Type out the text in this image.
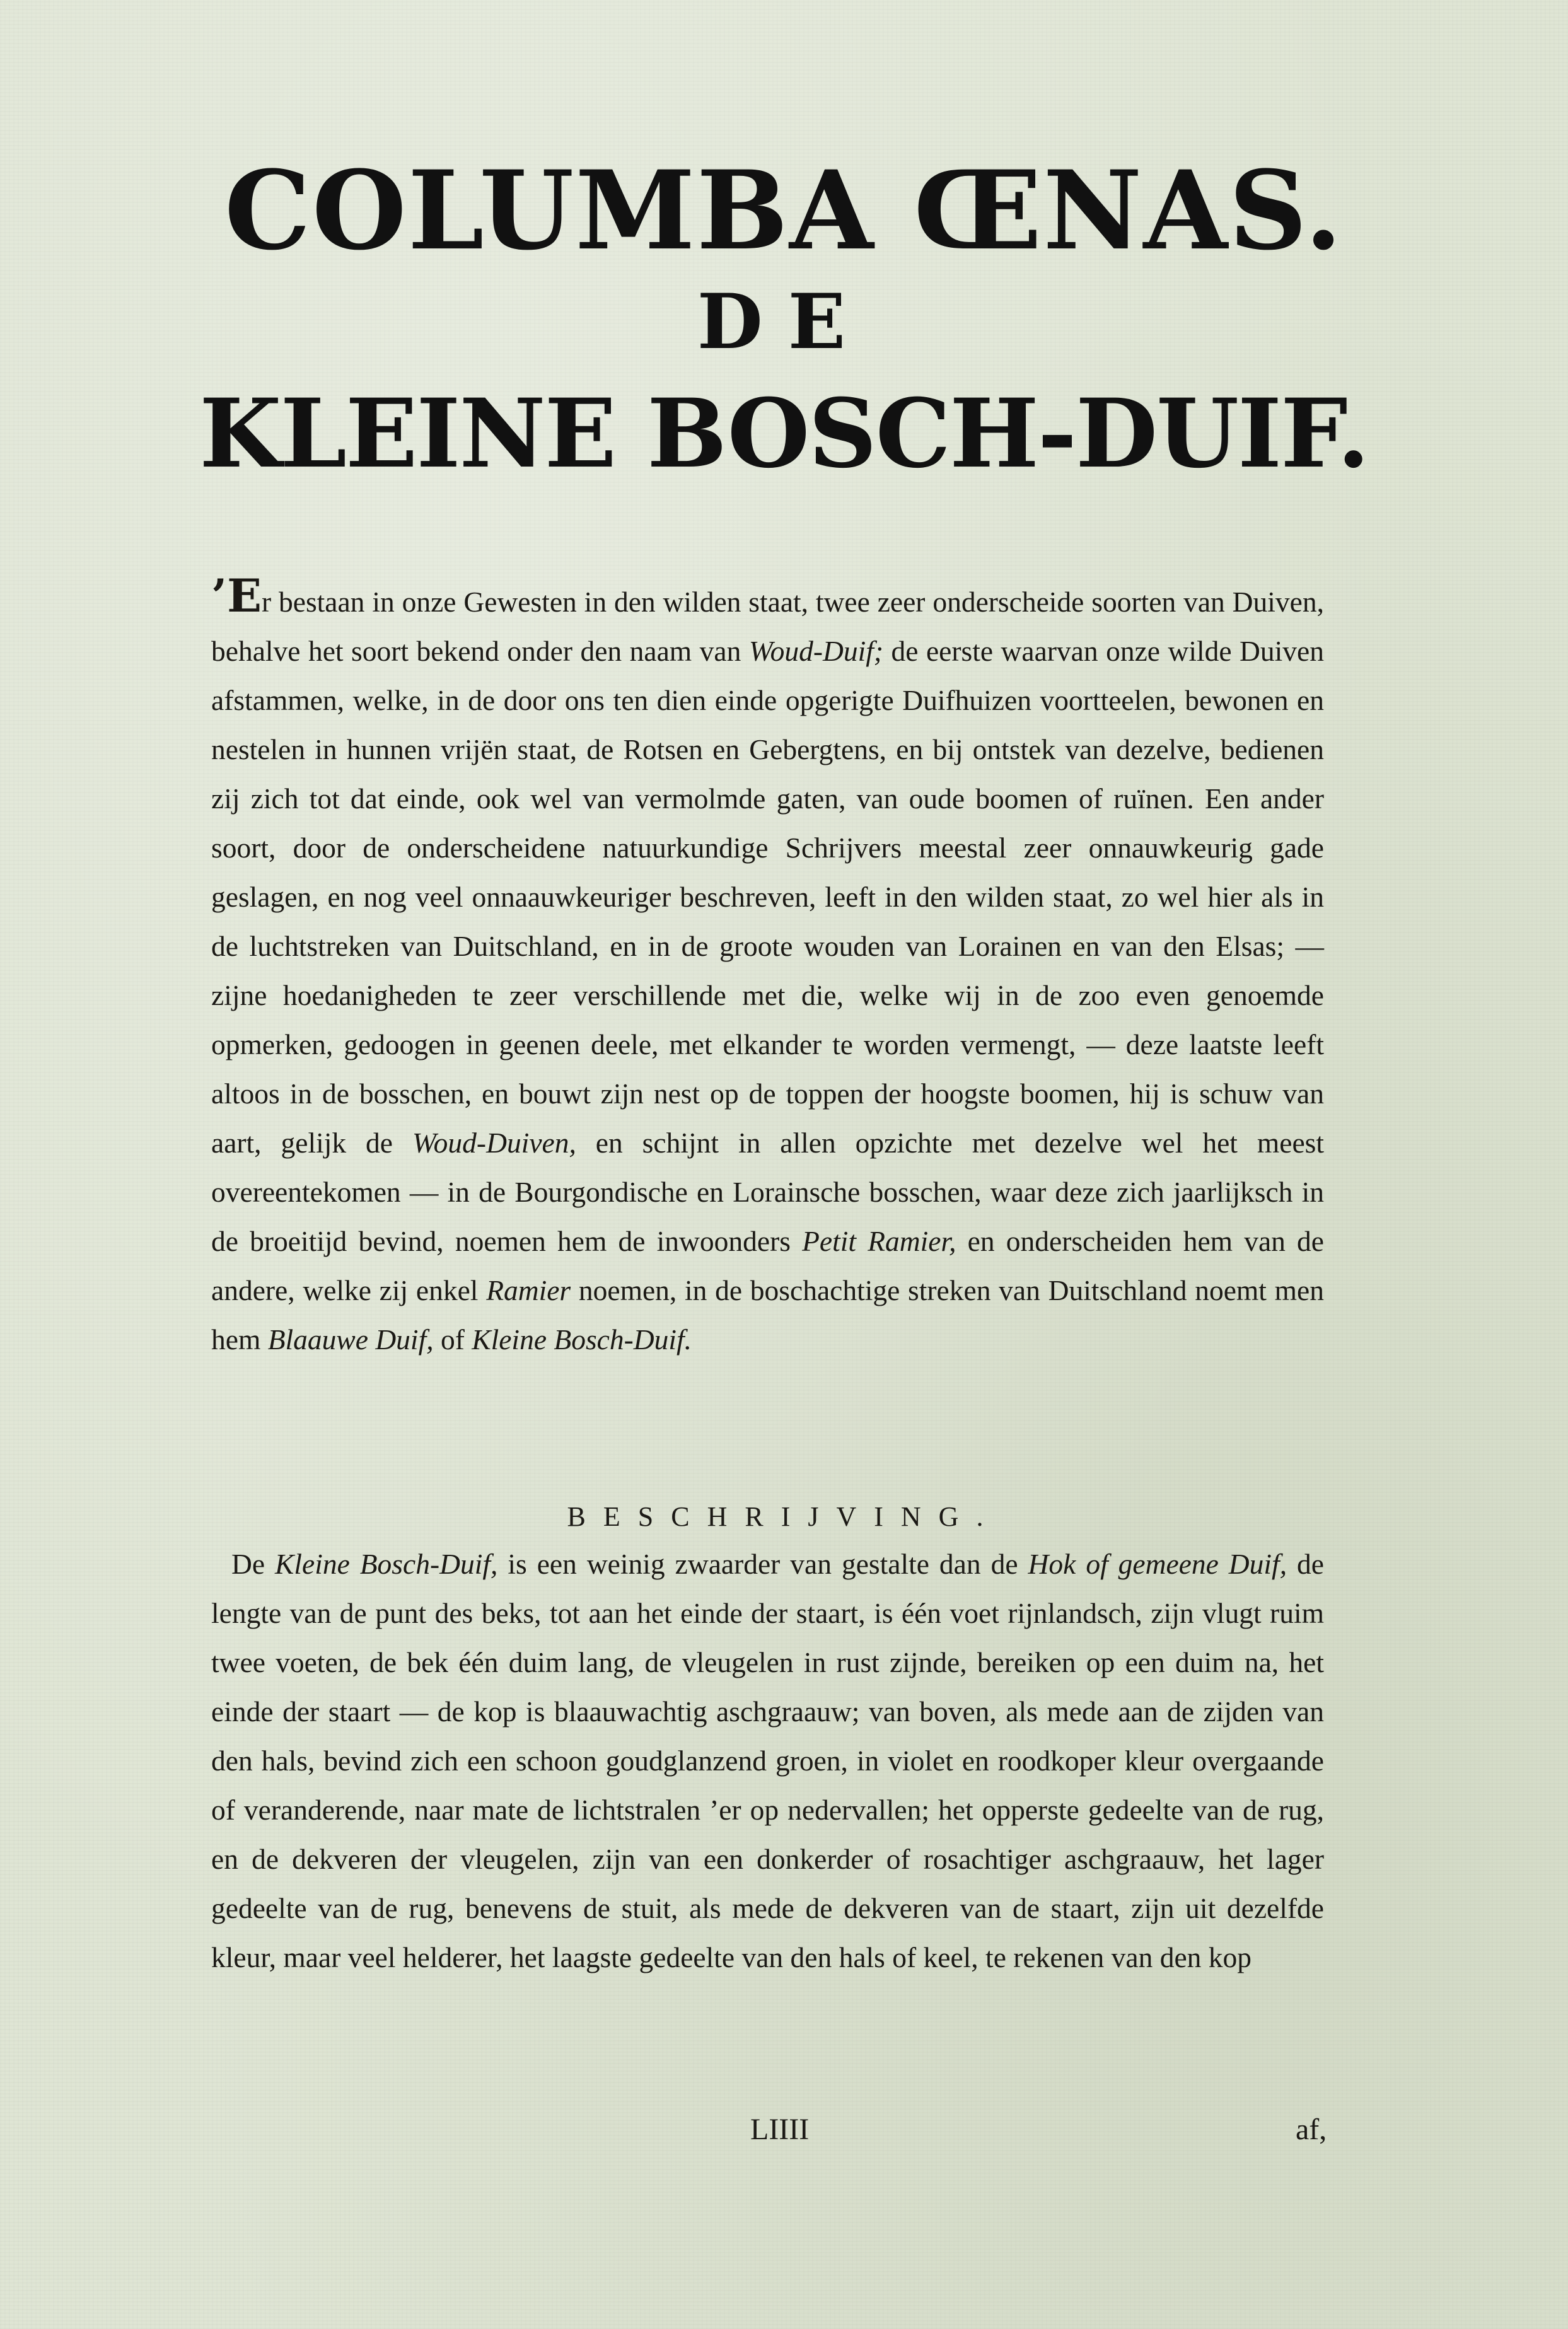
COLUMBA ŒNAS.
DE
KLEINE BOSCH-DUIF.

’Er bestaan in onze Gewesten in den wilden staat, twee zeer onderscheide soorten van Duiven, behalve het soort bekend onder den naam van Woud-Duif; de eerste waarvan onze wilde Duiven afstammen, welke, in de door ons ten dien einde opgerigte Duifhuizen voortteelen, bewonen en nestelen in hunnen vrijën staat, de Rotsen en Gebergtens, en bij ontstek van dezelve, bedienen zij zich tot dat einde, ook wel van vermolmde gaten, van oude boomen of ruïnen. Een ander soort, door de onderscheidene natuurkundige Schrijvers meestal zeer onnauwkeurig gade geslagen, en nog veel onnaauwkeuriger beschreven, leeft in den wilden staat, zo wel hier als in de luchtstreken van Duitschland, en in de groote wouden van Lorainen en van den Elsas; — zijne hoedanigheden te zeer verschillende met die, welke wij in de zoo even genoemde opmerken, gedoogen in geenen deele, met elkander te worden vermengt, — deze laatste leeft altoos in de bosschen, en bouwt zijn nest op de toppen der hoogste boomen, hij is schuw van aart, gelijk de Woud-Duiven, en schijnt in allen opzichte met dezelve wel het meest overeentekomen — in de Bourgondische en Lorainsche bosschen, waar deze zich jaarlijksch in de broeitijd bevind, noemen hem de inwoonders Petit Ramier, en onderscheiden hem van de andere, welke zij enkel Ramier noemen, in de boschachtige streken van Duitschland noemt men hem Blaauwe Duif, of Kleine Bosch-Duif.

BESCHRIJVING.

De Kleine Bosch-Duif, is een weinig zwaarder van gestalte dan de Hok of gemeene Duif, de lengte van de punt des beks, tot aan het einde der staart, is één voet rijnlandsch, zijn vlugt ruim twee voeten, de bek één duim lang, de vleugelen in rust zijnde, bereiken op een duim na, het einde der staart — de kop is blaauwachtig aschgraauw; van boven, als mede aan de zijden van den hals, bevind zich een schoon goudglanzend groen, in violet en roodkoper kleur overgaande of veranderende, naar mate de lichtstralen ’er op nedervallen; het opperste gedeelte van de rug, en de dekveren der vleugelen, zijn van een donkerder of rosachtiger aschgraauw, het lager gedeelte van de rug, benevens de stuit, als mede de dekveren van de staart, zijn uit dezelfde kleur, maar veel helderer, het laagste gedeelte van den hals of keel, te rekenen van den kop

LIIII	af,
